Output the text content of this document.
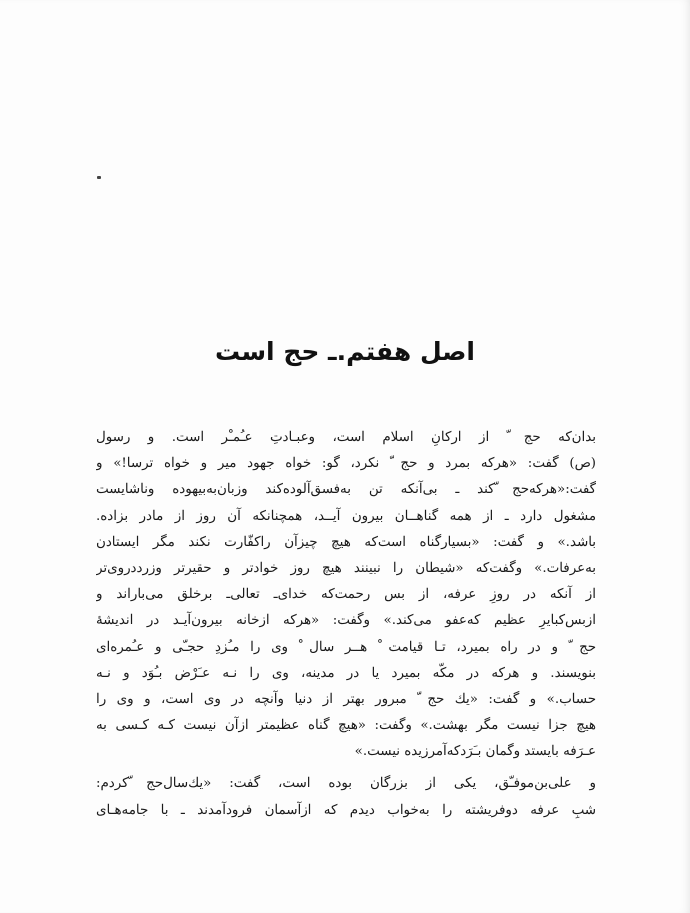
اصل هفتم.ـ حج است
بدان‌که حج ّ از ارکانِ اسلام است، وعبـادتِ عـُمـْر است. و رسول
(ص) گفت: «هرکه بمرد و حج ّ نکرد، گو: خواه جهود میر و خواه ترسا!» و
گفت:«هرکه‌حج ّکند ـ بی‌آنکه تن به‌فسق‌آلوده‌کند وزبان‌به‌بیهوده وناشایست
مشغول دارد ـ از همه گناهــان بیرون آیــد، همچنانکه آن روز از مادر بزاده.
باشد.» و گفت: «بسیارگناه است‌که هیچ چیزآن راکفّارت نکند مگر ایستادن
به‌عرفات.» وگفت‌که «شیطان را نبینند هیچ روز خوادتر و حقیرتر وزرددروی‌تر
از آنکه در روزِ عرفه، از بس رحمت‌که خدای‌ـ تعالی‌ـ برخلق می‌باراند و
ازبس‌کبایرِ عظیم که‌عفو می‌کند.» وگفت: «هرکه ازخانه بیرون‌آیـد در اندیشهٔ
حج ّ و در راه بمیرد، تـا قیامت ْ هــر سال ْ وی را مـُزدِ حجـّی و عـُمره‌ای
بنویسند. و هرکه در مکّه بمیرد یا در مدینه، وی را نـه عـَرْض بـُوَد و نـه
حساب.» و گفت: «یك حج ّ مبرور بهتر از دنیا وآنچه در وی است، و وی را
هیچ جزا نیست مگر بهشت.» وگفت: «هیچ گناه عظیمتر ازآن نیست کـه کـسی به‌
عـرَفه بایستد وگمان بـَرَدکه‌آمرزیده نیست.»
و علی‌بن‌موفـّق، یکی از بزرگان بوده است، گفت: «یك‌سال‌حج ّکردم:
شبِ عرفه دوفریشته را به‌خواب دیدم که ازآسمان فرودآمدند ـ با جامه‌هـای
